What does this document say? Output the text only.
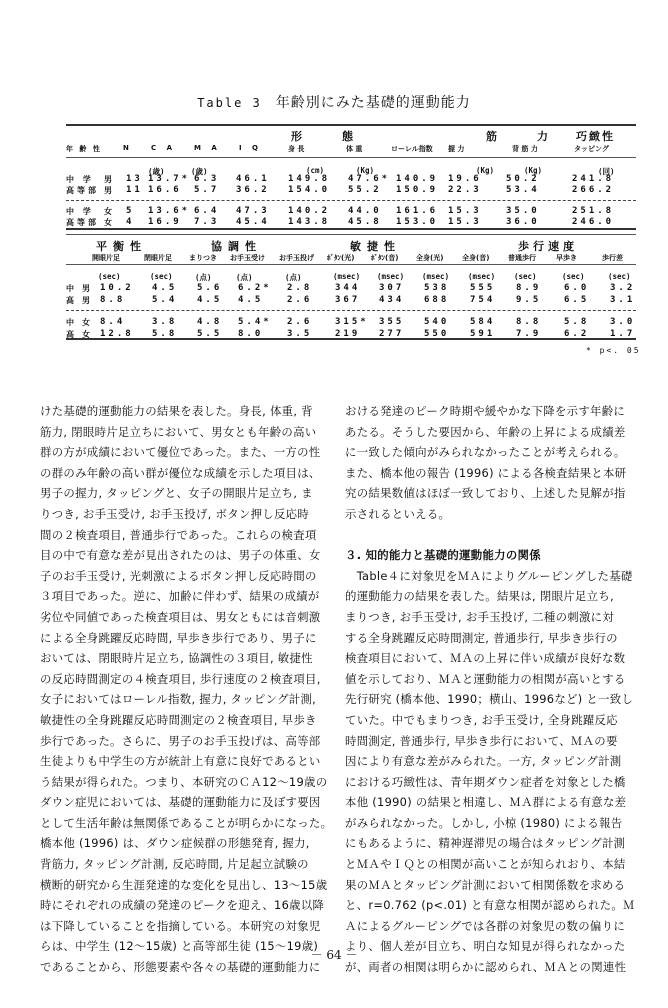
Table 3 年齢別にみた基礎的運動能力
形　　態	筋　　力 巧緻性
年 齢 性	N	C A	M A	I Q	身 長	体 重	ローレル指数 握 力	背 筋 力	タッピング
(歳)	(歳)	(cm)	(Kg)	(Kg)	(Kg)	(回)
中 学 男 13 13.7* 6.3 46.1 149.8 47.6* 140.9 19.6	50.2	241.8
高等部 男 11 16.6 5.7 36.2 154.0 55.2 150.9 22.3	53.4	266.2
中 学 女 5 13.6* 6.4 47.3 140.2 44.0 161.6 15.3	35.0	251.8
高等部 女 4 16.9 7.3 45.4 143.8 45.8 153.0 15.3	36.0	246.0
平衡性	協調性	敏捷性	歩行速度
開眼片足	閉眼片足 まりつき お手玉受け お手玉投げ ﾎﾞﾀﾝ(光) ﾎﾞﾀﾝ(音)	全身(光)	全身(音)	普通歩行	早歩き	歩行差
(sec)	(sec)	(点)	(点)	(点)	(msec) (msec) (msec)	(msec)	(sec)	(sec)	(sec)
中 男 10.2 4.5 5.6 6.2* 2.8	344 307 538 555 8.9	6.0 3.2
高 男 8.8	5.4 4.5 4.5	2.6	367 434 688 754 9.5	6.5 3.1
中 女 8.4	3.8 4.8 5.4* 2.6	315* 355 540 584 8.8	5.8 3.0
高 女 12.8 5.8 5.5 8.0	3.5	219 277 550 591 7.9	6.2 1.7
* p<. 05
けた基礎的運動能力の結果を表した。身長, 体重, 背
筋力, 閉眼時片足立ちにおいて、男女とも年齢の高い
群の方が成績において優位であった。また、一方の性
の群のみ年齢の高い群が優位な成績を示した項目は、
男子の握力, タッピングと、女子の開眼片足立ち, ま
りつき, お手玉受け, お手玉投げ, ボタン押し反応時
間の２検査項目, 普通歩行であった。これらの検査項
目の中で有意な差が見出されたのは、男子の体重、女
子のお手玉受け, 光刺激によるボタン押し反応時間の
３項目であった。逆に、加齢に伴わず、結果の成績が
劣位や同値であった検査項目は、男女ともには音刺激
による全身跳躍反応時間, 早歩き歩行であり、男子に
おいては、閉眼時片足立ち, 協調性の３項目, 敏捷性
の反応時間測定の４検査項目, 歩行速度の２検査項目,
女子においてはローレル指数, 握力, タッピング計測,
敏捷性の全身跳躍反応時間測定の２検査項目, 早歩き
歩行であった。さらに、男子のお手玉投げは、高等部
生徒よりも中学生の方が統計上有意に良好であるとい
う結果が得られた。つまり、本研究のＣＡ12～19歳の
ダウン症児においては、基礎的運動能力に及ぼす要因
として生活年齢は無関係であることが明らかになった。
橋本他 (1996) は、ダウン症候群の形態発育, 握力,
背筋力, タッピング計測, 反応時間, 片足起立試験の
横断的研究から生涯発達的な変化を見出し、13～15歳
時にそれぞれの成績の発達のピークを迎え、16歳以降
は下降していることを指摘している。本研究の対象児
らは、中学生 (12～15歳) と高等部生徒 (15～19歳)
であることから、形態要素や各々の基礎的運動能力に
おける発達のピーク時期や緩やかな下降を示す年齢に
あたる。そうした要因から、年齢の上昇による成績差
に一致した傾向がみられなかったことが考えられる。
また、橋本他の報告 (1996) による各検査結果と本研
究の結果数値はほぼ一致しており、上述した見解が指
示されるといえる。
３. 知的能力と基礎的運動能力の関係
　Table４に対象児をＭＡによりグルーピングした基礎
的運動能力の結果を表した。結果は, 閉眼片足立ち,
まりつき, お手玉受け, お手玉投げ, 二種の刺激に対
する全身跳躍反応時間測定, 普通歩行, 早歩き歩行の
検査項目において、ＭＡの上昇に伴い成績が良好な数
値を示しており、ＭＡと運動能力の相関が高いとする
先行研究 (橋本他、1990；横山、1996など) と一致し
ていた。中でもまりつき, お手玉受け, 全身跳躍反応
時間測定, 普通歩行, 早歩き歩行において、ＭＡの要
因により有意な差がみられた。一方, タッピング計測
における巧緻性は、青年期ダウン症者を対象とした橋
本他 (1990) の結果と相違し、ＭＡ群による有意な差
がみられなかった。しかし, 小椋 (1980) による報告
にもあるように、精神遅滞児の場合はタッピング計測
とＭＡやＩＱとの相関が高いことが知られおり、本結
果のＭＡとタッピング計測において相関係数を求める
と、r=0.762 (p<.01) と有意な相関が認められた。Ｍ
Ａによるグルーピングでは各群の対象児の数の偏りに
より、個人差が目立ち、明白な知見が得られなかった
が、両者の相関は明らかに認められ、ＭＡとの関連性
－ 64 －
